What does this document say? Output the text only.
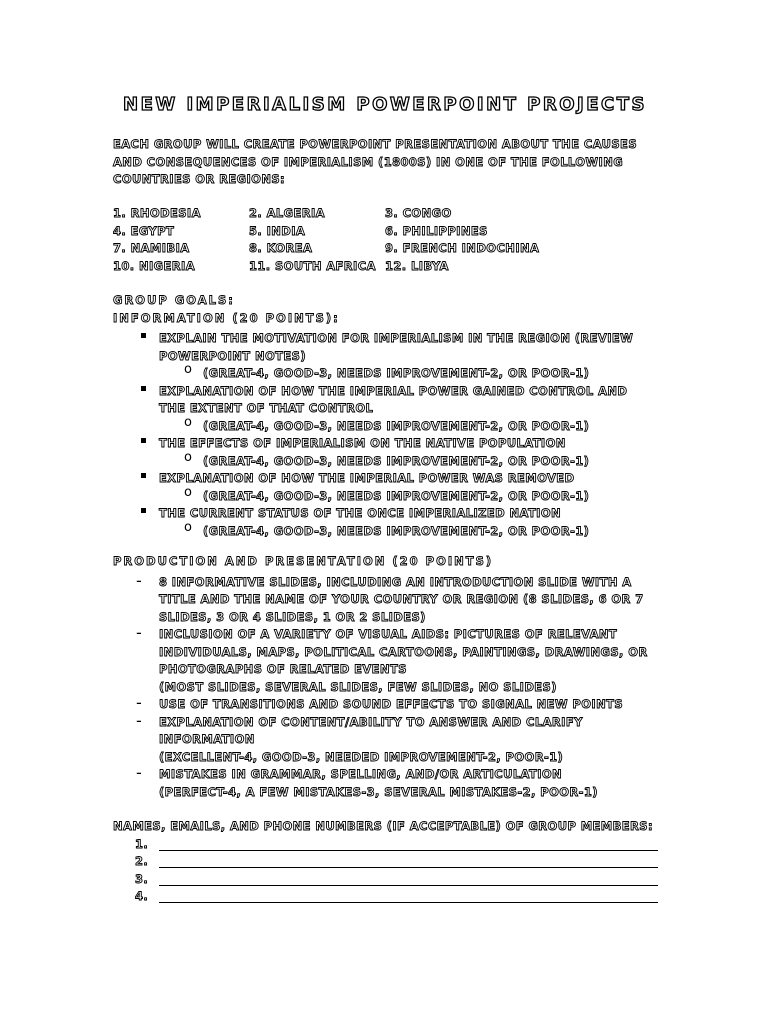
NEW IMPERIALISM POWERPOINT PROJECTS
EACH GROUP WILL CREATE POWERPOINT PRESENTATION ABOUT THE CAUSES
AND CONSEQUENCES OF IMPERIALISM (1800S) IN ONE OF THE FOLLOWING
COUNTRIES OR REGIONS:
1. RHODESIA	2. ALGERIA	3. CONGO
4. EGYPT	5. INDIA	6. PHILIPPINES
7. NAMIBIA	8. KOREA	9. FRENCH INDOCHINA
10. NIGERIA	11. SOUTH AFRICA 12. LIBYA
GROUP GOALS:
INFORMATION (20 POINTS):
EXPLAIN THE MOTIVATION FOR IMPERIALISM IN THE REGION (REVIEW
POWERPOINT NOTES)
o (GREAT-4, GOOD-3, NEEDS IMPROVEMENT-2, OR POOR-1)
EXPLANATION OF HOW THE IMPERIAL POWER GAINED CONTROL AND
THE EXTENT OF THAT CONTROL
o (GREAT-4, GOOD-3, NEEDS IMPROVEMENT-2, OR POOR-1)
THE EFFECTS OF IMPERIALISM ON THE NATIVE POPULATION
o (GREAT-4, GOOD-3, NEEDS IMPROVEMENT-2, OR POOR-1)
EXPLANATION OF HOW THE IMPERIAL POWER WAS REMOVED
o (GREAT-4, GOOD-3, NEEDS IMPROVEMENT-2, OR POOR-1)
THE CURRENT STATUS OF THE ONCE IMPERIALIZED NATION
o (GREAT-4, GOOD-3, NEEDS IMPROVEMENT-2, OR POOR-1)
PRODUCTION AND PRESENTATION (20 POINTS)
- 8 INFORMATIVE SLIDES, INCLUDING AN INTRODUCTION SLIDE WITH A
TITLE AND THE NAME OF YOUR COUNTRY OR REGION (8 SLIDES, 6 OR 7
SLIDES, 3 OR 4 SLIDES, 1 OR 2 SLIDES)
- INCLUSION OF A VARIETY OF VISUAL AIDS: PICTURES OF RELEVANT
INDIVIDUALS, MAPS, POLITICAL CARTOONS, PAINTINGS, DRAWINGS, OR
PHOTOGRAPHS OF RELATED EVENTS
(MOST SLIDES, SEVERAL SLIDES, FEW SLIDES, NO SLIDES)
- USE OF TRANSITIONS AND SOUND EFFECTS TO SIGNAL NEW POINTS
- EXPLANATION OF CONTENT/ABILITY TO ANSWER AND CLARIFY
INFORMATION
(EXCELLENT-4, GOOD-3, NEEDED IMPROVEMENT-2, POOR-1)
- MISTAKES IN GRAMMAR, SPELLING, AND/OR ARTICULATION
(PERFECT-4, A FEW MISTAKES-3, SEVERAL MISTAKES-2, POOR-1)
NAMES, EMAILS, AND PHONE NUMBERS (IF ACCEPTABLE) OF GROUP MEMBERS:
1.
2.
3.
4.
